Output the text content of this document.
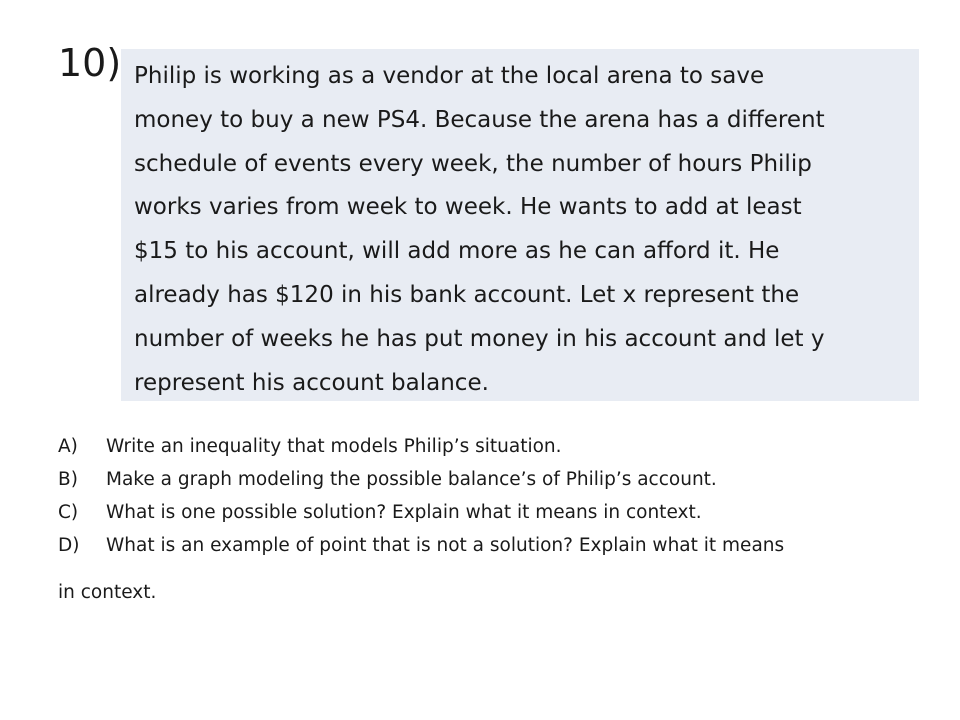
10) Philip is working as a vendor at the local arena to save
money to buy a new PS4. Because the arena has a different
schedule of events every week, the number of hours Philip
works varies from week to week. He wants to add at least
$15 to his account, will add more as he can afford it. He
already has $120 in his bank account. Let x represent the
number of weeks he has put money in his account and let y
represent his account balance.
A)	Write an inequality that models Philip’s situation.
B)	Make a graph modeling the possible balance’s of Philip’s account.
C)	What is one possible solution? Explain what it means in context.
D)	What is an example of point that is not a solution? Explain what it means
in context.
